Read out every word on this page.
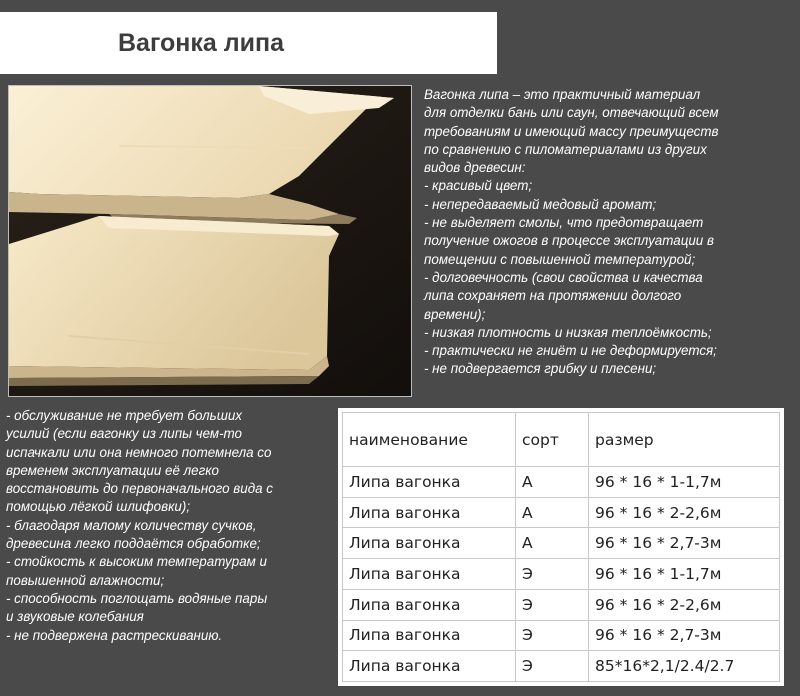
Вагонка липа
Вагонка липа – это практичный материал
для отделки бань или саун, отвечающий всем
требованиям и имеющий массу преимуществ
по сравнению с пиломатериалами из других
видов древесин:
- красивый цвет;
- непередаваемый медовый аромат;
- не выделяет смолы, что предотвращает
получение ожогов в процессе эксплуатации в
помещении с повышенной температурой;
- долговечность (свои свойства и качества
липа сохраняет на протяжении долгого
времени);
- низкая плотность и низкая теплоёмкость;
- практически не гниёт и не деформируется;
- не подвергается грибку и плесени;
- обслуживание не требует больших
усилий (если вагонку из липы чем-то
испачкали или она немного потемнела со
временем эксплуатации её легко
восстановить до первоначального вида с
помощью лёгкой шлифовки);
- благодаря малому количеству сучков,
древесина легко поддаётся обработке;
- стойкость к высоким температурам и
повышенной влажности;
- способность поглощать водяные пары
и звуковые колебания
- не подвержена растрескиванию.
наименование	сорт	размер
Липа вагонка	А	96 * 16 * 1-1,7м
Липа вагонка	А	96 * 16 * 2-2,6м
Липа вагонка	А	96 * 16 * 2,7-3м
Липа вагонка	Э	96 * 16 * 1-1,7м
Липа вагонка	Э	96 * 16 * 2-2,6м
Липа вагонка	Э	96 * 16 * 2,7-3м
Липа вагонка	Э	85*16*2,1/2.4/2.7
